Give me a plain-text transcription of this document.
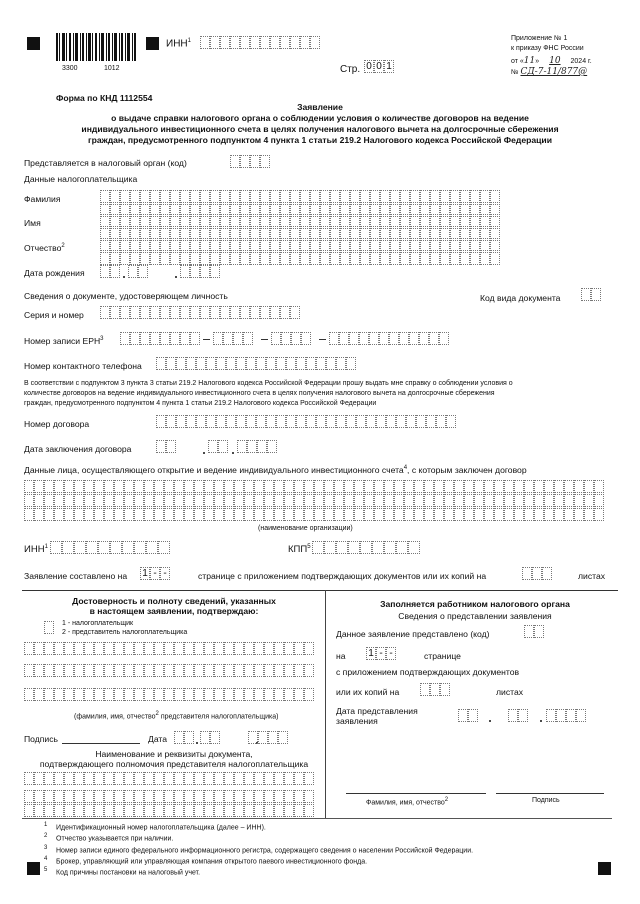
3300	1012
ИНН$^1$
Стр. 0 0 1
Приложение № 1
к приказу ФНС России
от «11» 10 2024 г.
№ СД-7-11/877@
Форма по КНД 1112554
Заявление
о выдаче справки налогового органа о соблюдении условия о количестве договоров на ведение
индивидуального инвестиционного счета в целях получения налогового вычета на долгосрочные сбережения
граждан, предусмотренного подпунктом 4 пункта 1 статьи 219.2 Налогового кодекса Российской Федерации
Представляется в налоговый орган (код)
Данные налогоплательщика
Фамилия
Имя
Отчество$^2$
Дата рождения
Сведения о документе, удостоверяющем личность	Код вида документа
Серия и номер
Номер записи ЕРН$^3$
Номер контактного телефона
В соответствии с подпунктом 3 пункта 3 статьи 219.2 Налогового кодекса Российской Федерации прошу выдать мне справку о соблюдении условия о
количестве договоров на ведение индивидуального инвестиционного счета в целях получения налогового вычета на долгосрочные сбережения
граждан, предусмотренного подпунктом 4 пункта 1 статьи 219.2 Налогового кодекса Российской Федерации
Номер договора
Дата заключения договора
Данные лица, осуществляющего открытие и ведение индивидуального инвестиционного счета$^4$, с которым заключен договор
(наименование организации)
ИНН$^1$	КПП$^5$
Заявление составлено на 1 - -	странице с приложением подтверждающих документов или их копий на	листах
Достоверность и полноту сведений, указанных
в настоящем заявлении, подтверждаю:
1 - налогоплательщик
2 - представитель налогоплательщика
(фамилия, имя, отчество2 представителя налогоплательщика)
Подпись	Дата
Наименование и реквизиты документа,
подтверждающего полномочия представителя налогоплательщика
Заполняется работником налогового органа
Сведения о представлении заявления
Данное заявление представлено (код)
на 1 - -	странице
с приложением подтверждающих документов
или их копий на	листах
Дата представления
заявления
Фамилия, имя, отчество2	Подпись
1 Идентификационный номер налогоплательщика (далее – ИНН).
2 Отчество указывается при наличии.
3 Номер записи единого федерального информационного регистра, содержащего сведения о населении Российской Федерации.
4 Брокер, управляющий или управляющая компания открытого паевого инвестиционного фонда.
5 Код причины постановки на налоговый учет.
